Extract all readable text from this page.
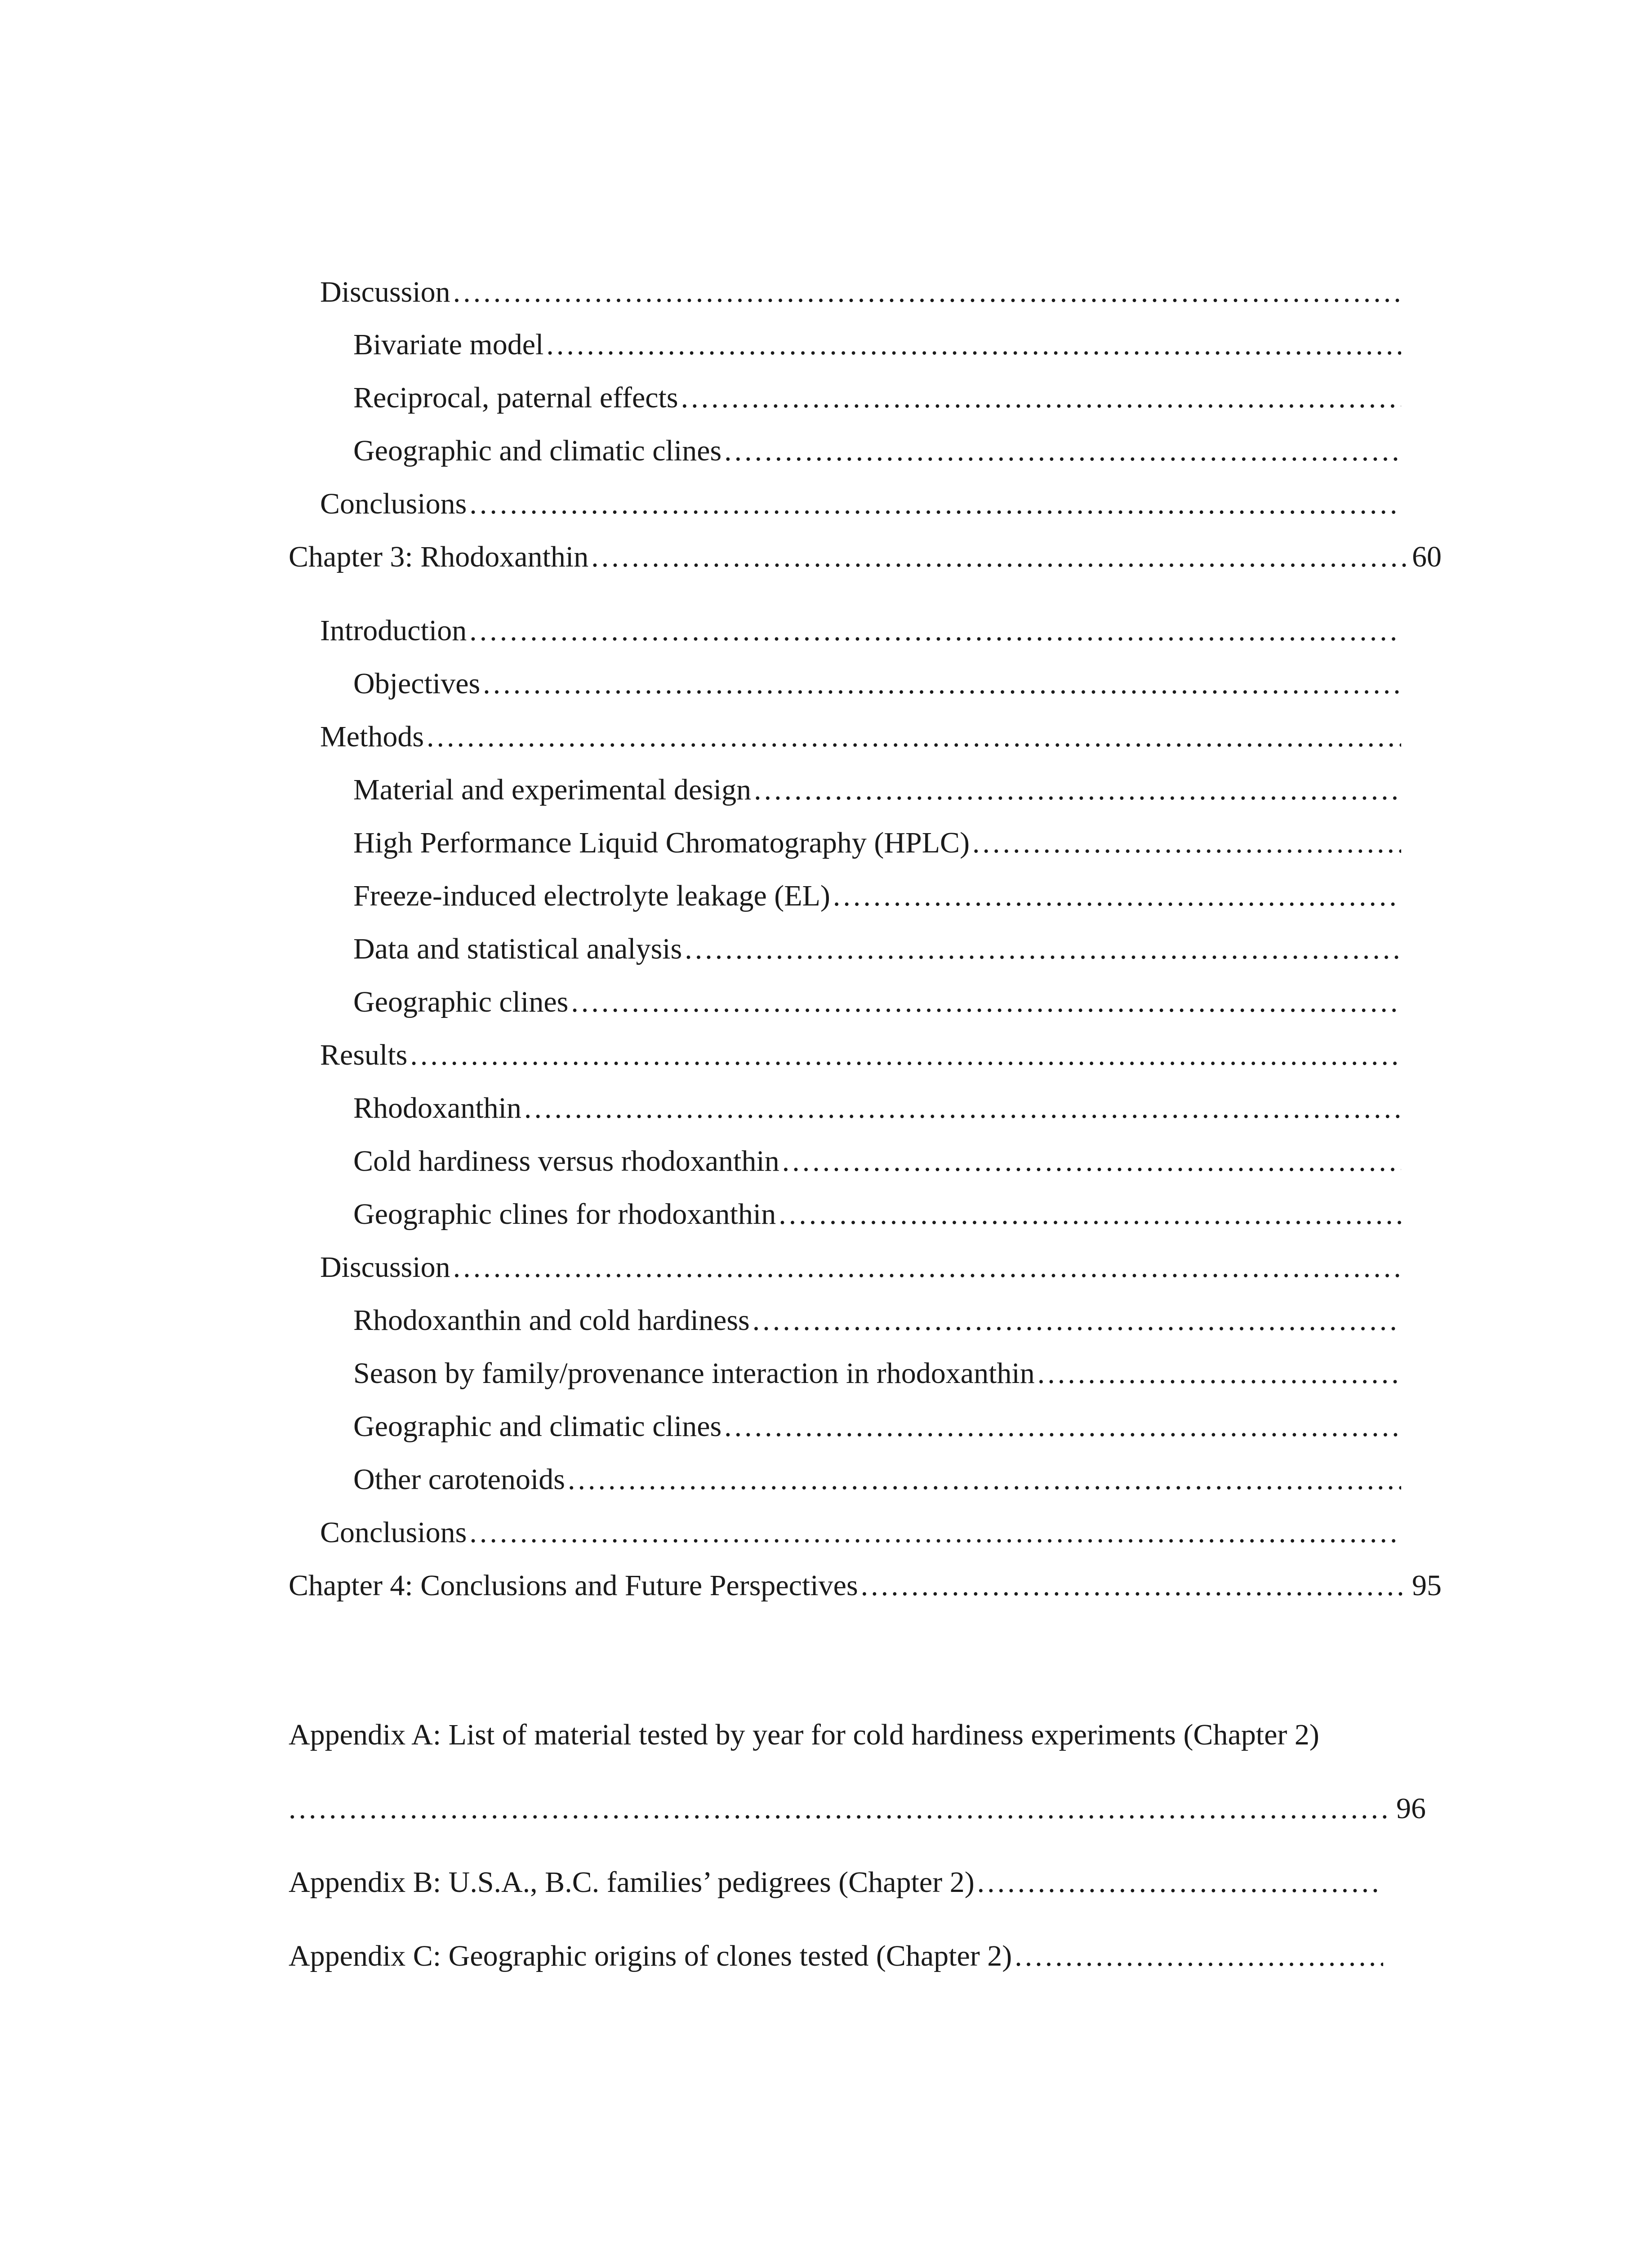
Discussion
.....
Bivariate model
.....
Reciprocal, paternal effects
.....
Geographic and climatic clines
.....
Conclusions
.....
Chapter 3: Rhodoxanthin .....	60
Introduction
.....
Objectives
.....
Methods
.....
Material and experimental design
.....
High Performance Liquid Chromatography (HPLC)
.....
Freeze-induced electrolyte leakage (EL)
.....
Data and statistical analysis
.....
Geographic clines
.....
Results
.....
Rhodoxanthin
.....
Cold hardiness versus rhodoxanthin
.....
Geographic clines for rhodoxanthin
.....
Discussion
.....
Rhodoxanthin and cold hardiness
.....
Season by family/provenance interaction in rhodoxanthin
.....
Geographic and climatic clines
.....
Other carotenoids
.....
Conclusions
.....
Chapter 4: Conclusions and Future Perspectives .....	95
Appendix A: List of material tested by year for cold hardiness experiments (Chapter 2)
.....
96
Appendix B: U.S.A., B.C. families’ pedigrees (Chapter 2)
.....
Appendix C: Geographic origins of clones tested (Chapter 2)
.....
